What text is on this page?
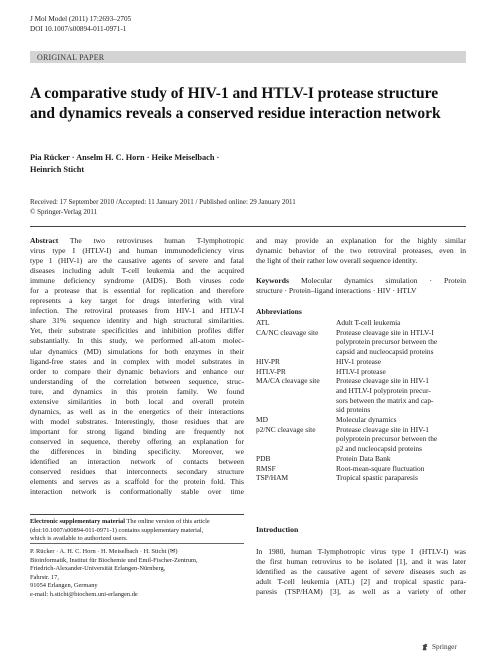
J Mol Model (2011) 17:2693–2705
DOI 10.1007/s00894-011-0971-1
ORIGINAL PAPER
A comparative study of HIV-1 and HTLV-I protease structure and dynamics reveals a conserved residue interaction network
Pia Rücker · Anselm H. C. Horn · Heike Meiselbach ·
Heinrich Sticht
Received: 17 September 2010 /Accepted: 11 January 2011 / Published online: 29 January 2011
© Springer-Verlag 2011
Abstract The two retroviruses human T-lymphotropic
virus type I (HTLV-I) and human immunodeficiency virus
type 1 (HIV-1) are the causative agents of severe and fatal
diseases including adult T-cell leukemia and the acquired
immune deficiency syndrome (AIDS). Both viruses code
for a protease that is essential for replication and therefore
represents a key target for drugs interfering with viral
infection. The retroviral proteases from HIV-1 and HTLV-I
share 31% sequence identity and high structural similarities.
Yet, their substrate specificities and inhibition profiles differ
substantially. In this study, we performed all-atom molec-
ular dynamics (MD) simulations for both enzymes in their
ligand-free states and in complex with model substrates in
order to compare their dynamic behaviors and enhance our
understanding of the correlation between sequence, struc-
ture, and dynamics in this protein family. We found
extensive similarities in both local and overall protein
dynamics, as well as in the energetics of their interactions
with model substrates. Interestingly, those residues that are
important for strong ligand binding are frequently not
conserved in sequence, thereby offering an explanation for
the differences in binding specificity. Moreover, we
identified an interaction network of contacts between
conserved residues that interconnects secondary structure
elements and serves as a scaffold for the protein fold. This
interaction network is conformationally stable over time
and may provide an explanation for the highly similar
dynamic behavior of the two retroviral proteases, even in
the light of their rather low overall sequence identity.
Keywords Molecular dynamics simulation · Protein
structure · Protein–ligand interactions · HIV · HTLV
Abbreviations
ATL	Adult T-cell leukemia
CA/NC cleavage site	Protease cleavage site in HTLV-I
polyprotein precursor between the
capsid and nucleocapsid proteins
HIV-PR	HIV-1 protease
HTLV-PR	HTLV-I protease
MA/CA cleavage site	Protease cleavage site in HIV-1
and HTLV-I polyprotein precur-
sors between the matrix and cap-
sid proteins
MD	Molecular dynamics
p2/NC cleavage site	Protease cleavage site in HIV-1
polyprotein precursor between the
p2 and nucleocapsid proteins
PDB	Protein Data Bank
RMSF	Root-mean-square fluctuation
TSP/HAM	Tropical spastic paraparesis
Electronic supplementary material The online version of this article
(doi:10.1007/s00894-011-0971-1) contains supplementary material,
which is available to authorized users.
P. Rücker · A. H. C. Horn · H. Meiselbach · H. Sticht (✉)
Bioinformatik, Institut für Biochemie und Emil-Fischer-Zentrum,
Friedrich-Alexander-Universität Erlangen-Nürnberg,
Fahrstr. 17,
91054 Erlangen, Germany
e-mail: h.sticht@biochem.uni-erlangen.de
Introduction
In 1980, human T-lymphotropic virus type I (HTLV-I) was
the first human retrovirus to be isolated [1], and it was later
identified as the causative agent of severe diseases such as
adult T-cell leukemia (ATL) [2] and tropical spastic para-
paresis (TSP/HAM) [3], as well as a variety of other
Springer
